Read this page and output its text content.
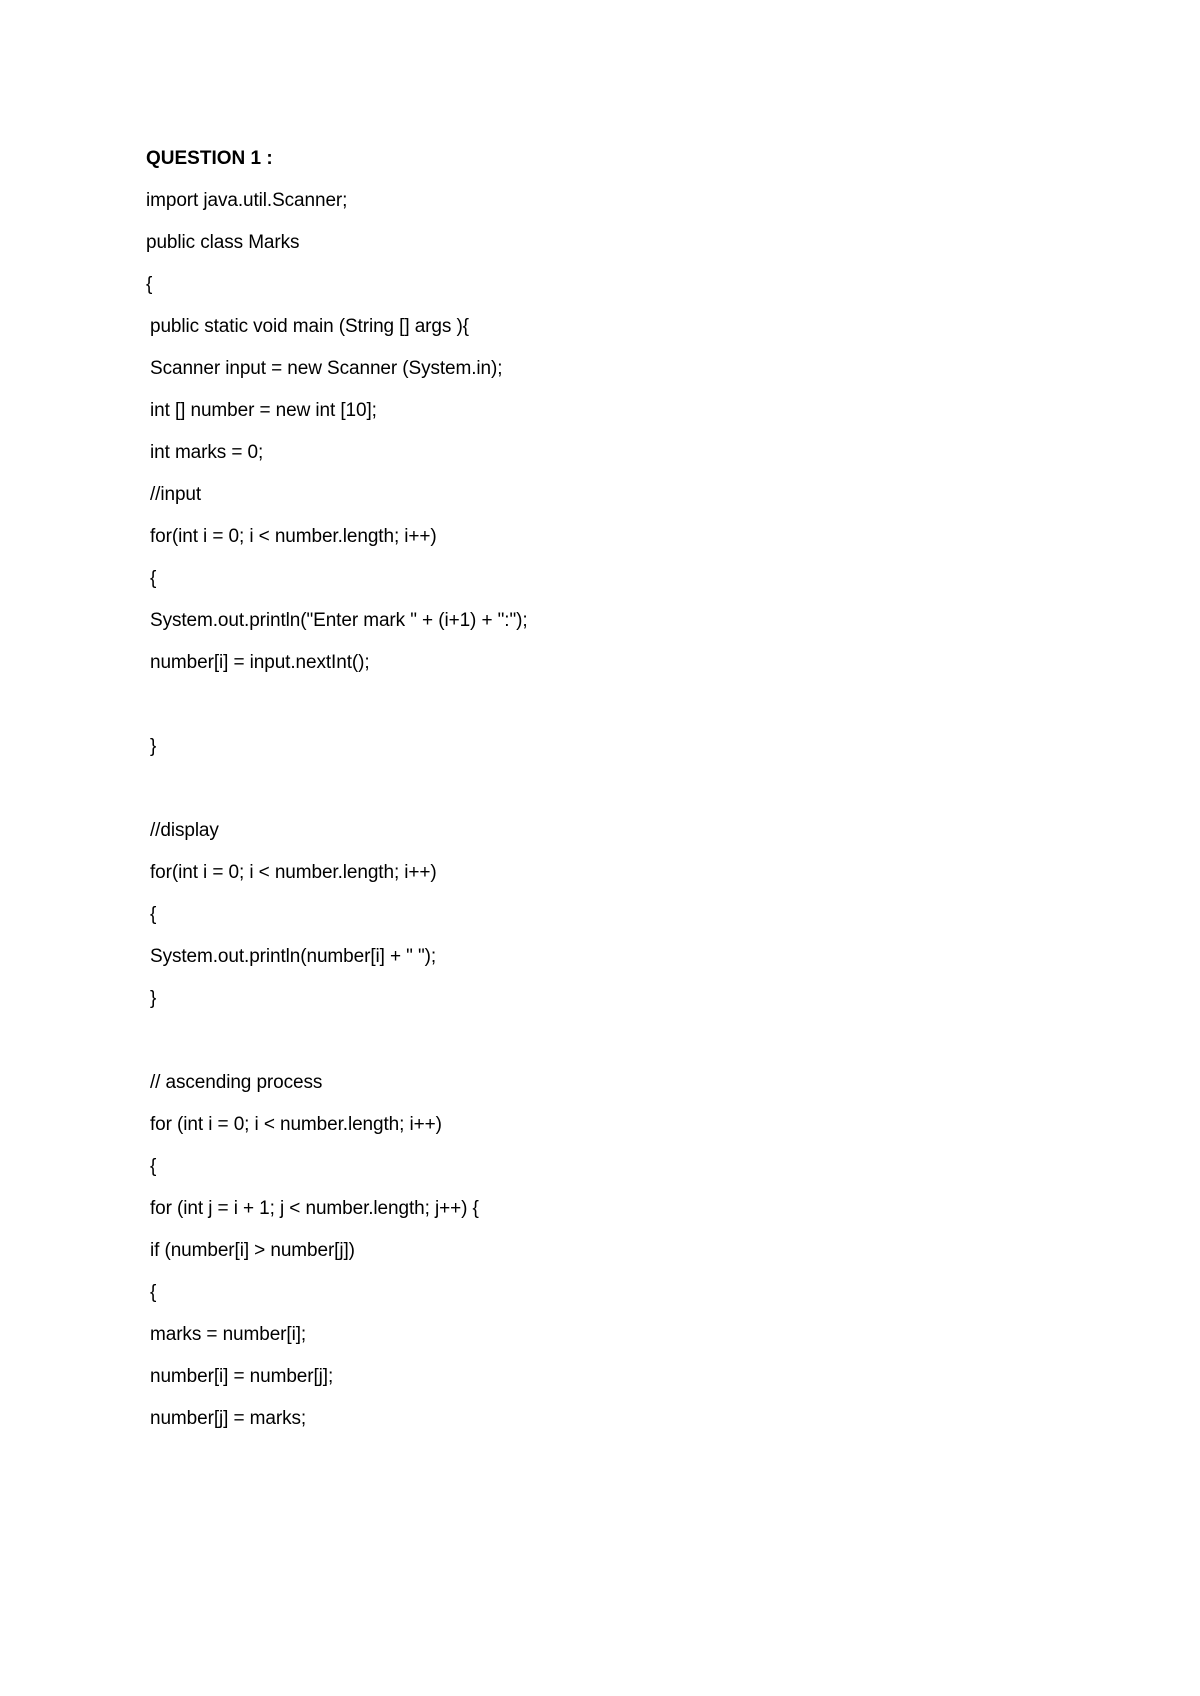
QUESTION 1 :
import java.util.Scanner;
public class Marks
{
public static void main (String [] args ){
Scanner input = new Scanner (System.in);
int [] number = new int [10];
int marks = 0;
//input
for(int i = 0; i < number.length; i++)
{
System.out.println("Enter mark " + (i+1) + ":");
number[i] = input.nextInt();
}
//display
for(int i = 0; i < number.length; i++)
{
System.out.println(number[i] + " ");
}
// ascending process
for (int i = 0; i < number.length; i++)
{
for (int j = i + 1; j < number.length; j++) {
if (number[i] > number[j])
{
marks = number[i];
number[i] = number[j];
number[j] = marks;
